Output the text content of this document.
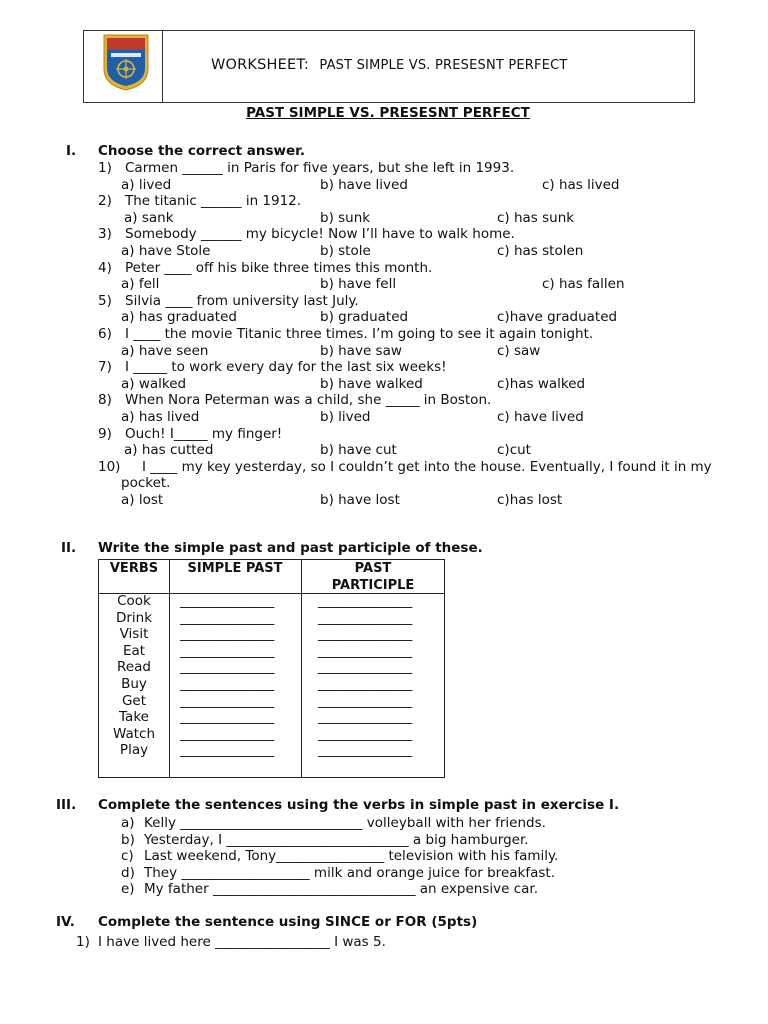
WORKSHEET: PAST SIMPLE VS. PRESESNT PERFECT
PAST SIMPLE VS. PRESESNT PERFECT
I. Choose the correct answer.
1) Carmen ______ in Paris for five years, but she left in 1993.
a) lived	b) have lived	c) has lived
2) The titanic ______ in 1912.
a) sank	b) sunk	c) has sunk
3) Somebody ______ my bicycle! Now I’ll have to walk home.
a) have Stole	b) stole	c) has stolen
4) Peter ____ off his bike three times this month.
a) fell	b) have fell	c) has fallen
5) Silvia ____ from university last July.
a) has graduated	b) graduated	c)have graduated
6) I ____ the movie Titanic three times. I’m going to see it again tonight.
a) have seen	b) have saw	c) saw
7) I _____ to work every day for the last six weeks!
a) walked	b) have walked	c)has walked
8) When Nora Peterman was a child, she _____ in Boston.
a) has lived	b) lived	c) have lived
9) Ouch! I_____ my finger!
a) has cutted	b) have cut	c)cut
10) I ____ my key yesterday, so I couldn’t get into the house. Eventually, I found it in my
pocket.
a) lost	b) have lost	c)has lost
II. Write the simple past and past participle of these.
VERBS	SIMPLE PAST	PAST
PARTICIPLE
Cook	_______________	_______________
Drink	_______________	_______________
Visit	_______________	_______________
Eat	_______________	_______________
Read	_______________	_______________
Buy	_______________	_______________
Get	_______________	_______________
Take	_______________	_______________
Watch	_______________	_______________
Play	_______________	_______________
III. Complete the sentences using the verbs in simple past in exercise I.
a) Kelly ___________________________ volleyball with her friends.
b) Yesterday, I ___________________________ a big hamburger.
c) Last weekend, Tony________________ television with his family.
d) They ___________________ milk and orange juice for breakfast.
e) My father ______________________________ an expensive car.
IV. Complete the sentence using SINCE or FOR (5pts)
1) I have lived here _________________ I was 5.
